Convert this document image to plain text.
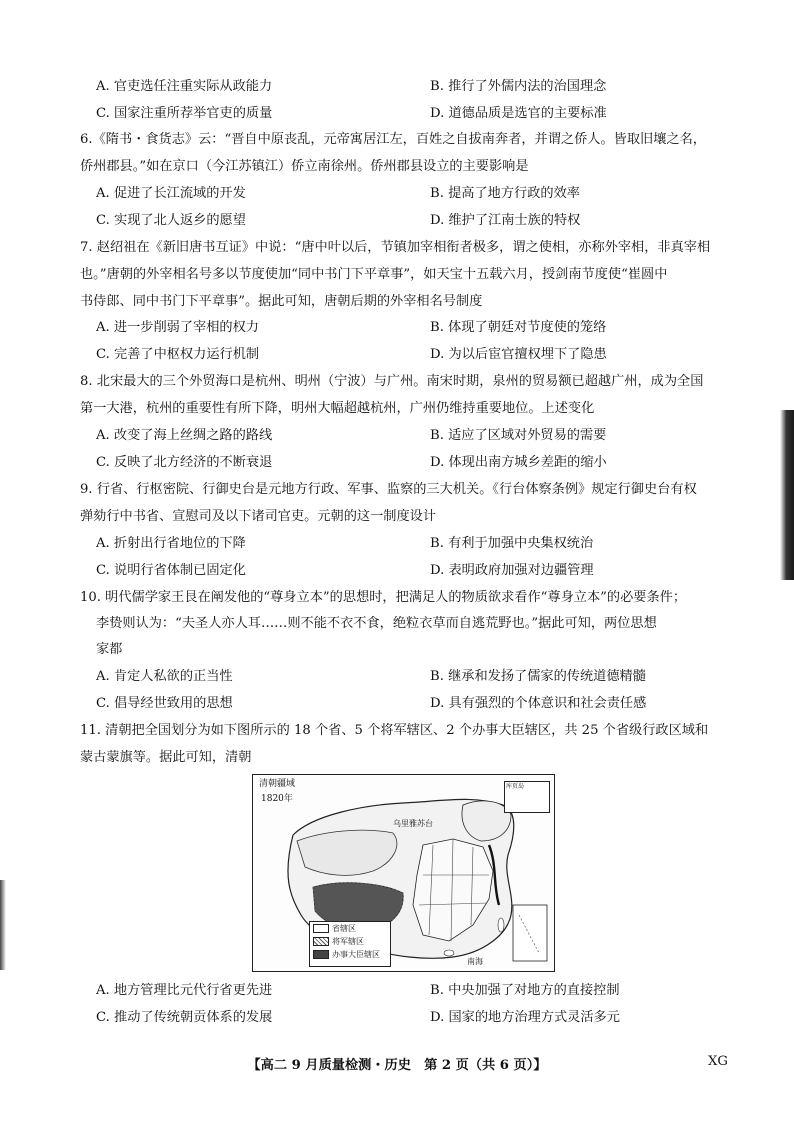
A. 官吏选任注重实际从政能力	B. 推行了外儒内法的治国理念
C. 国家注重所荐举官吏的质量	D. 道德品质是选官的主要标准
6.《隋书・食货志》云：“晋自中原丧乱，元帝寓居江左，百姓之自拔南奔者，并谓之侨人。皆取旧壤之名，
侨州郡县。”如在京口（今江苏镇江）侨立南徐州。侨州郡县设立的主要影响是
A. 促进了长江流域的开发	B. 提高了地方行政的效率
C. 实现了北人返乡的愿望	D. 维护了江南士族的特权
7. 赵绍祖在《新旧唐书互证》中说：“唐中叶以后，节镇加宰相衔者极多，谓之使相，亦称外宰相，非真宰相
也。”唐朝的外宰相名号多以节度使加“同中书门下平章事”，如天宝十五载六月，授剑南节度使“崔圆中
书侍郎、同中书门下平章事”。据此可知，唐朝后期的外宰相名号制度
A. 进一步削弱了宰相的权力	B. 体现了朝廷对节度使的笼络
C. 完善了中枢权力运行机制	D. 为以后宦官擅权埋下了隐患
8. 北宋最大的三个外贸海口是杭州、明州（宁波）与广州。南宋时期，泉州的贸易额已超越广州，成为全国
第一大港，杭州的重要性有所下降，明州大幅超越杭州，广州仍维持重要地位。上述变化
A. 改变了海上丝绸之路的路线	B. 适应了区域对外贸易的需要
C. 反映了北方经济的不断衰退	D. 体现出南方城乡差距的缩小
9. 行省、行枢密院、行御史台是元地方行政、军事、监察的三大机关。《行台体察条例》规定行御史台有权
弹劾行中书省、宣慰司及以下诸司官吏。元朝的这一制度设计
A. 折射出行省地位的下降	B. 有利于加强中央集权统治
C. 说明行省体制已固定化	D. 表明政府加强对边疆管理
10. 明代儒学家王艮在阐发他的“尊身立本”的思想时，把满足人的物质欲求看作“尊身立本”的必要条件；
李贽则认为：“夫圣人亦人耳……则不能不衣不食，绝粒衣草而自逃荒野也。”据此可知，两位思想
家都
A. 肯定人私欲的正当性	B. 继承和发扬了儒家的传统道德精髓
C. 倡导经世致用的思想	D. 具有强烈的个体意识和社会责任感
11. 清朝把全国划分为如下图所示的 18 个省、5 个将军辖区、2 个办事大臣辖区，共 25 个省级行政区域和
蒙古蒙旗等。据此可知，清朝
清朝疆域
1820年
乌里雅苏台
南海
库页岛
省辖区
将军辖区
办事大臣辖区
A. 地方管理比元代行省更先进	B. 中央加强了对地方的直接控制
C. 推动了传统朝贡体系的发展	D. 国家的地方治理方式灵活多元
【高二 9 月质量检测・历史　第 2 页（共 6 页）】	XG
